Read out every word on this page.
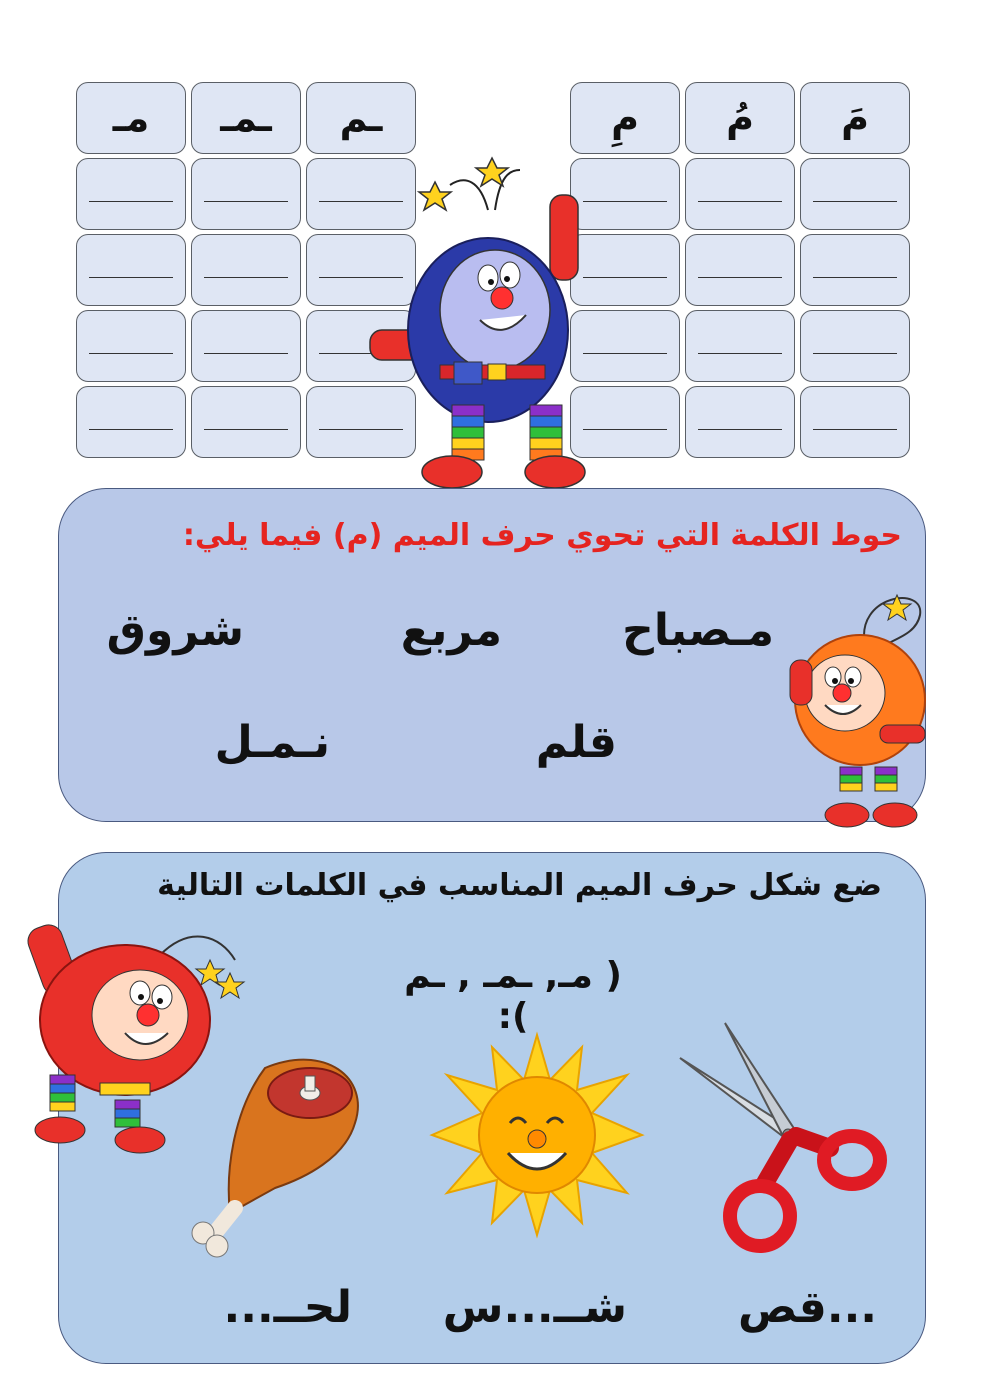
مـ	ـمـ	ـم	مِ	مُ	مَ
حوط الكلمة التي تحوي حرف الميم (م) فيما يلي:
مـصباح
مربع
شروق
قلم
نـمـل
ضع شكل حرف الميم المناسب في الكلمات التالية
( مـ, ـمـ , ـم ):
...قص
شــ...س
لحــ...
